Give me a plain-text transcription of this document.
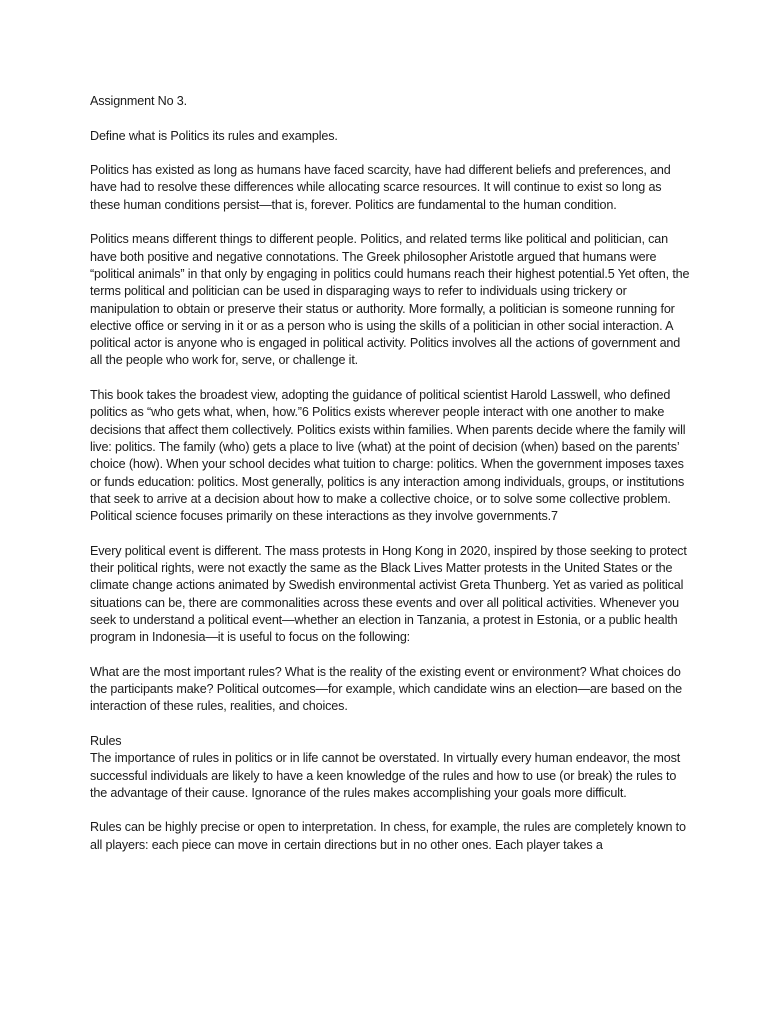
Assignment No 3.

Define what is Politics its rules and examples.

Politics has existed as long as humans have faced scarcity, have had different beliefs and preferences, and have had to resolve these differences while allocating scarce resources. It will continue to exist so long as these human conditions persist—that is, forever. Politics are fundamental to the human condition.

Politics means different things to different people. Politics, and related terms like political and politician, can have both positive and negative connotations. The Greek philosopher Aristotle argued that humans were “political animals” in that only by engaging in politics could humans reach their highest potential.5 Yet often, the terms political and politician can be used in disparaging ways to refer to individuals using trickery or manipulation to obtain or preserve their status or authority. More formally, a politician is someone running for elective office or serving in it or as a person who is using the skills of a politician in other social interaction. A political actor is anyone who is engaged in political activity. Politics involves all the actions of government and all the people who work for, serve, or challenge it.

This book takes the broadest view, adopting the guidance of political scientist Harold Lasswell, who defined politics as “who gets what, when, how.”6 Politics exists wherever people interact with one another to make decisions that affect them collectively. Politics exists within families. When parents decide where the family will live: politics. The family (who) gets a place to live (what) at the point of decision (when) based on the parents’ choice (how). When your school decides what tuition to charge: politics. When the government imposes taxes or funds education: politics. Most generally, politics is any interaction among individuals, groups, or institutions that seek to arrive at a decision about how to make a collective choice, or to solve some collective problem. Political science focuses primarily on these interactions as they involve governments.7

Every political event is different. The mass protests in Hong Kong in 2020, inspired by those seeking to protect their political rights, were not exactly the same as the Black Lives Matter protests in the United States or the climate change actions animated by Swedish environmental activist Greta Thunberg. Yet as varied as political situations can be, there are commonalities across these events and over all political activities. Whenever you seek to understand a political event—whether an election in Tanzania, a protest in Estonia, or a public health program in Indonesia—it is useful to focus on the following:

What are the most important rules? What is the reality of the existing event or environment? What choices do the participants make? Political outcomes—for example, which candidate wins an election—are based on the interaction of these rules, realities, and choices.

Rules

The importance of rules in politics or in life cannot be overstated. In virtually every human endeavor, the most successful individuals are likely to have a keen knowledge of the rules and how to use (or break) the rules to the advantage of their cause. Ignorance of the rules makes accomplishing your goals more difficult.

Rules can be highly precise or open to interpretation. In chess, for example, the rules are completely known to all players: each piece can move in certain directions but in no other ones. Each player takes a
